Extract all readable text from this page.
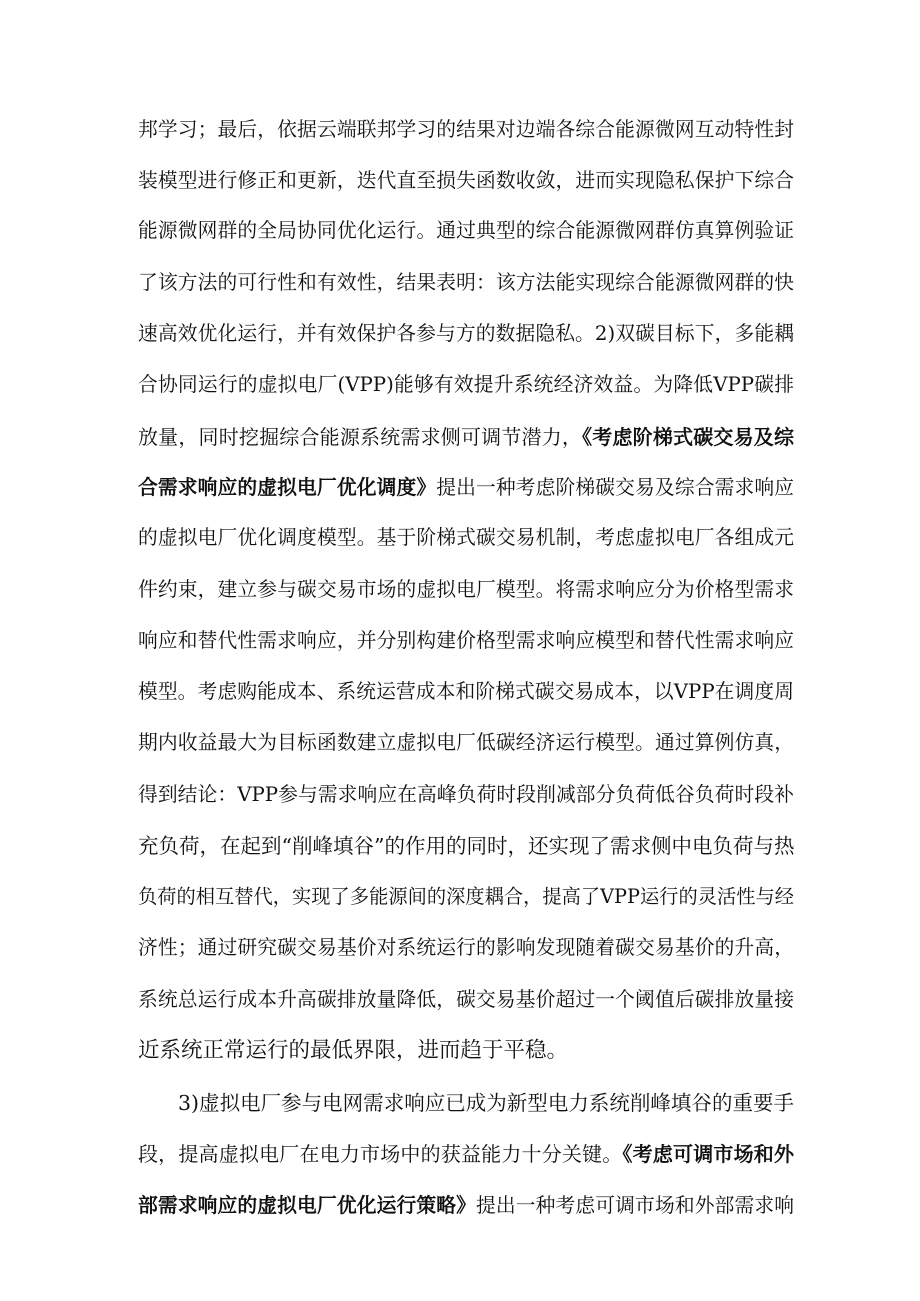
邦学习；最后，依据云端联邦学习的结果对边端各综合能源微网互动特性封
装模型进行修正和更新，迭代直至损失函数收敛，进而实现隐私保护下综合
能源微网群的全局协同优化运行。通过典型的综合能源微网群仿真算例验证
了该方法的可行性和有效性，结果表明：该方法能实现综合能源微网群的快
速高效优化运行，并有效保护各参与方的数据隐私。2)双碳目标下，多能耦
合协同运行的虚拟电厂(VPP)能够有效提升系统经济效益。为降低VPP碳排
放量，同时挖掘综合能源系统需求侧可调节潜力，《考虑阶梯式碳交易及综
合需求响应的虚拟电厂优化调度》提出一种考虑阶梯碳交易及综合需求响应
的虚拟电厂优化调度模型。基于阶梯式碳交易机制，考虑虚拟电厂各组成元
件约束，建立参与碳交易市场的虚拟电厂模型。将需求响应分为价格型需求
响应和替代性需求响应，并分别构建价格型需求响应模型和替代性需求响应
模型。考虑购能成本、系统运营成本和阶梯式碳交易成本，以VPP在调度周
期内收益最大为目标函数建立虚拟电厂低碳经济运行模型。通过算例仿真，
得到结论：VPP参与需求响应在高峰负荷时段削减部分负荷低谷负荷时段补
充负荷，在起到“削峰填谷”的作用的同时，还实现了需求侧中电负荷与热
负荷的相互替代，实现了多能源间的深度耦合，提高了VPP运行的灵活性与经
济性；通过研究碳交易基价对系统运行的影响发现随着碳交易基价的升高，
系统总运行成本升高碳排放量降低，碳交易基价超过一个阈值后碳排放量接
近系统正常运行的最低界限，进而趋于平稳。
3)虚拟电厂参与电网需求响应已成为新型电力系统削峰填谷的重要手
段，提高虚拟电厂在电力市场中的获益能力十分关键。《考虑可调市场和外
部需求响应的虚拟电厂优化运行策略》提出一种考虑可调市场和外部需求响
